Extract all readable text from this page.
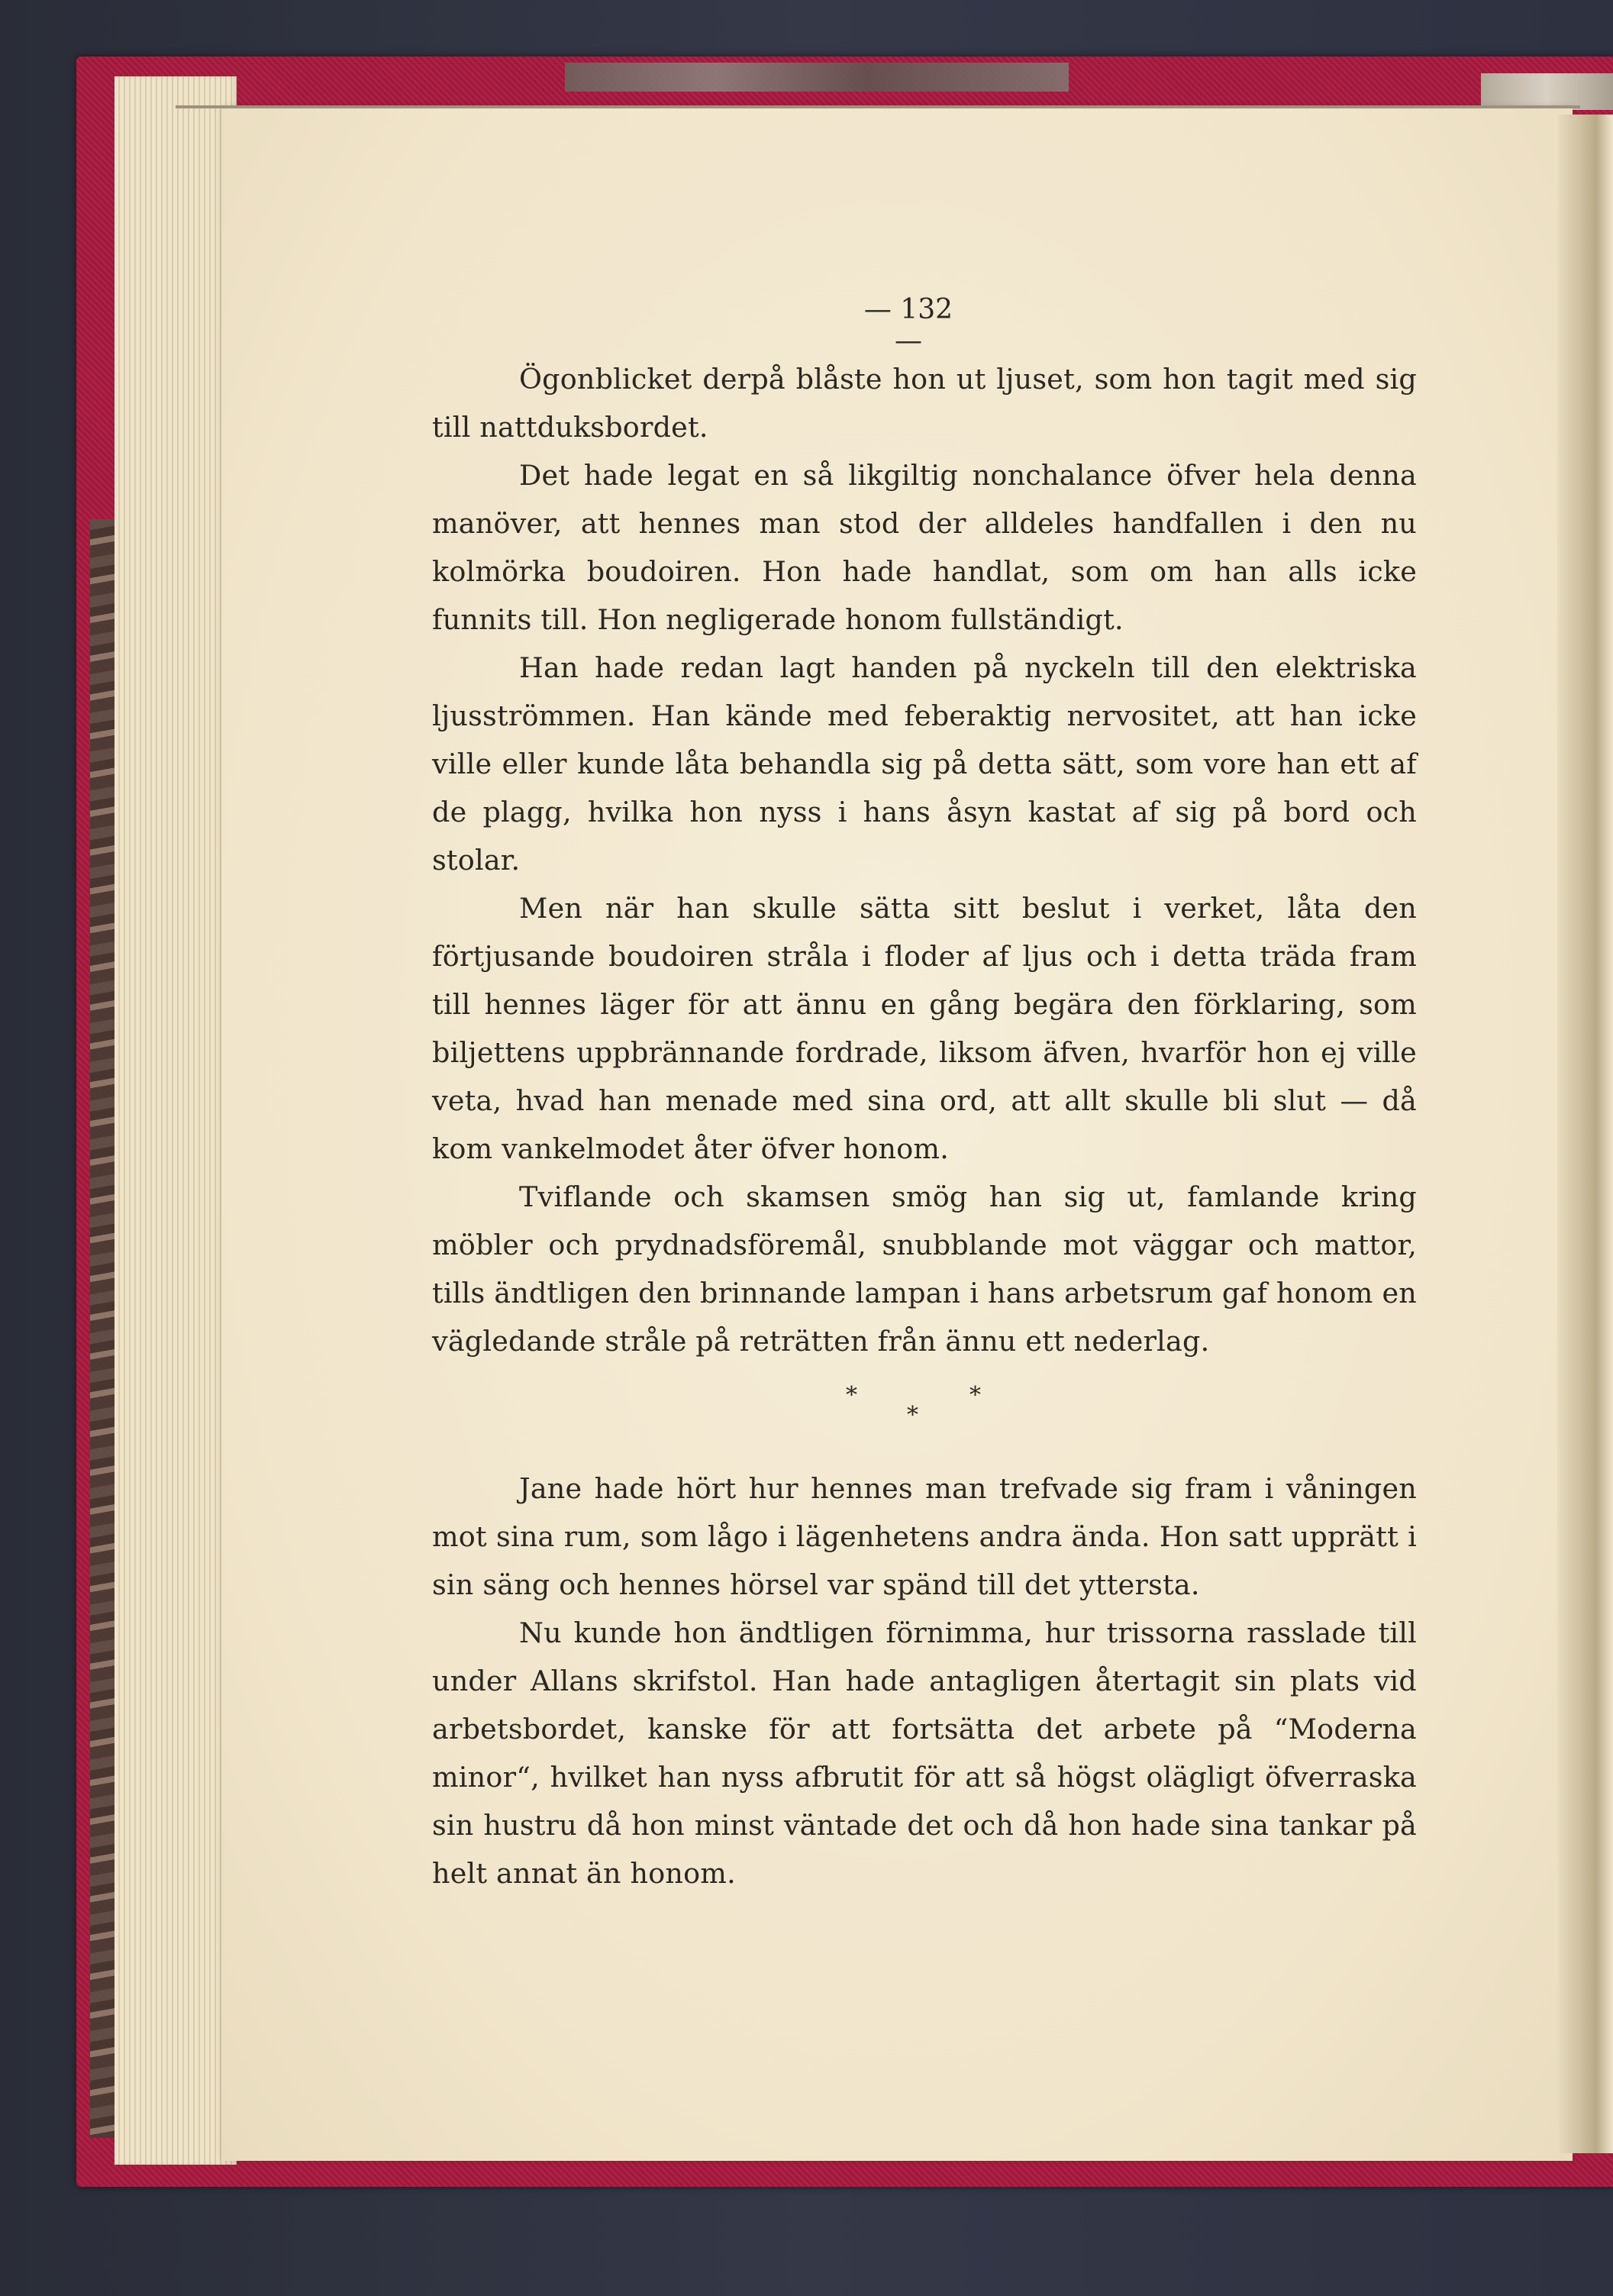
— 132 —

Ögonblicket derpå blåste hon ut ljuset, som hon tagit med sig till nattduksbordet.

Det hade legat en så likgiltig nonchalance öfver hela denna manöver, att hennes man stod der alldeles handfallen i den nu kolmörka boudoiren. Hon hade handlat, som om han alls icke funnits till. Hon negligerade honom fullständigt.

Han hade redan lagt handen på nyckeln till den elektriska ljusströmmen. Han kände med feberaktig nervositet, att han icke ville eller kunde låta behandla sig på detta sätt, som vore han ett af de plagg, hvilka hon nyss i hans åsyn kastat af sig på bord och stolar.

Men när han skulle sätta sitt beslut i verket, låta den förtjusande boudoiren stråla i floder af ljus och i detta träda fram till hennes läger för att ännu en gång begära den förklaring, som biljettens uppbrännande fordrade, liksom äfven, hvarför hon ej ville veta, hvad han menade med sina ord, att allt skulle bli slut — då kom vankelmodet åter öfver honom.

Tviflande och skamsen smög han sig ut, famlande kring möbler och prydnadsföremål, snubblande mot väggar och mattor, tills ändtligen den brinnande lampan i hans arbetsrum gaf honom en vägledande stråle på reträtten från ännu ett nederlag.

*	*
*

Jane hade hört hur hennes man trefvade sig fram i våningen mot sina rum, som lågo i lägenhetens andra ända. Hon satt upprätt i sin säng och hennes hörsel var spänd till det yttersta.

Nu kunde hon ändtligen förnimma, hur trissorna rasslade till under Allans skrifstol. Han hade antagligen återtagit sin plats vid arbetsbordet, kanske för att fortsätta det arbete på “Moderna minor“, hvilket han nyss afbrutit för att så högst olägligt öfverraska sin hustru då hon minst väntade det och då hon hade sina tankar på helt annat än honom.
